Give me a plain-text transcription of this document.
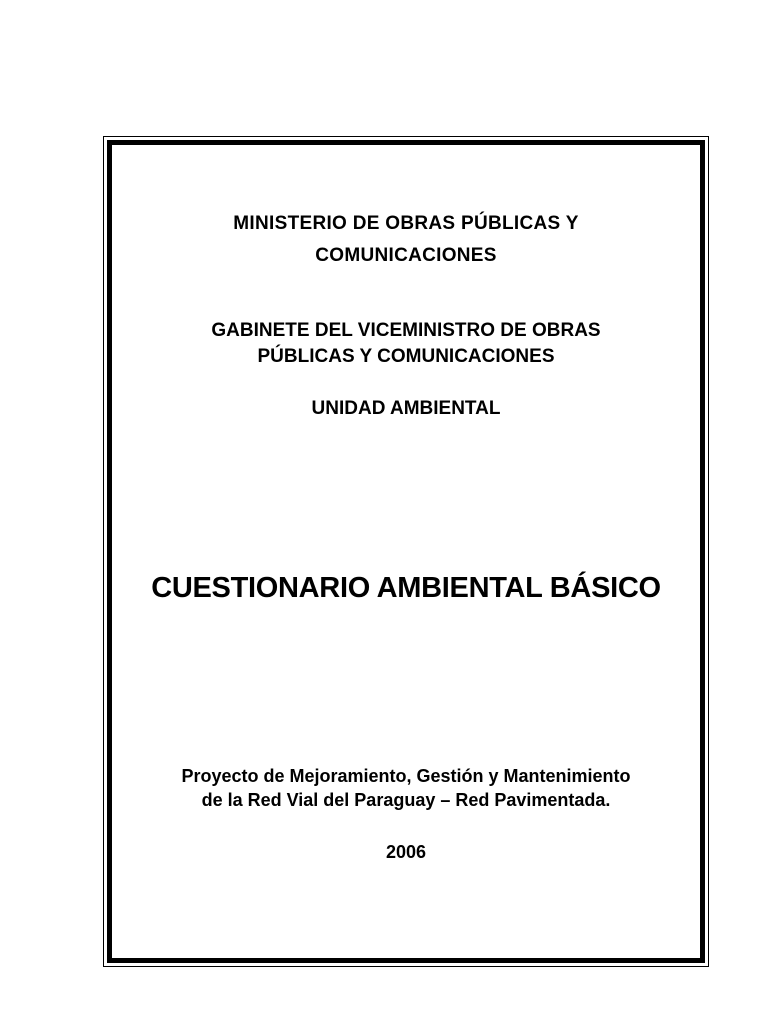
MINISTERIO DE OBRAS PÚBLICAS Y
COMUNICACIONES
GABINETE DEL VICEMINISTRO DE OBRAS
PÚBLICAS Y COMUNICACIONES
UNIDAD AMBIENTAL
CUESTIONARIO AMBIENTAL BÁSICO
Proyecto de Mejoramiento, Gestión y Mantenimiento
de la Red Vial del Paraguay – Red Pavimentada.
2006
